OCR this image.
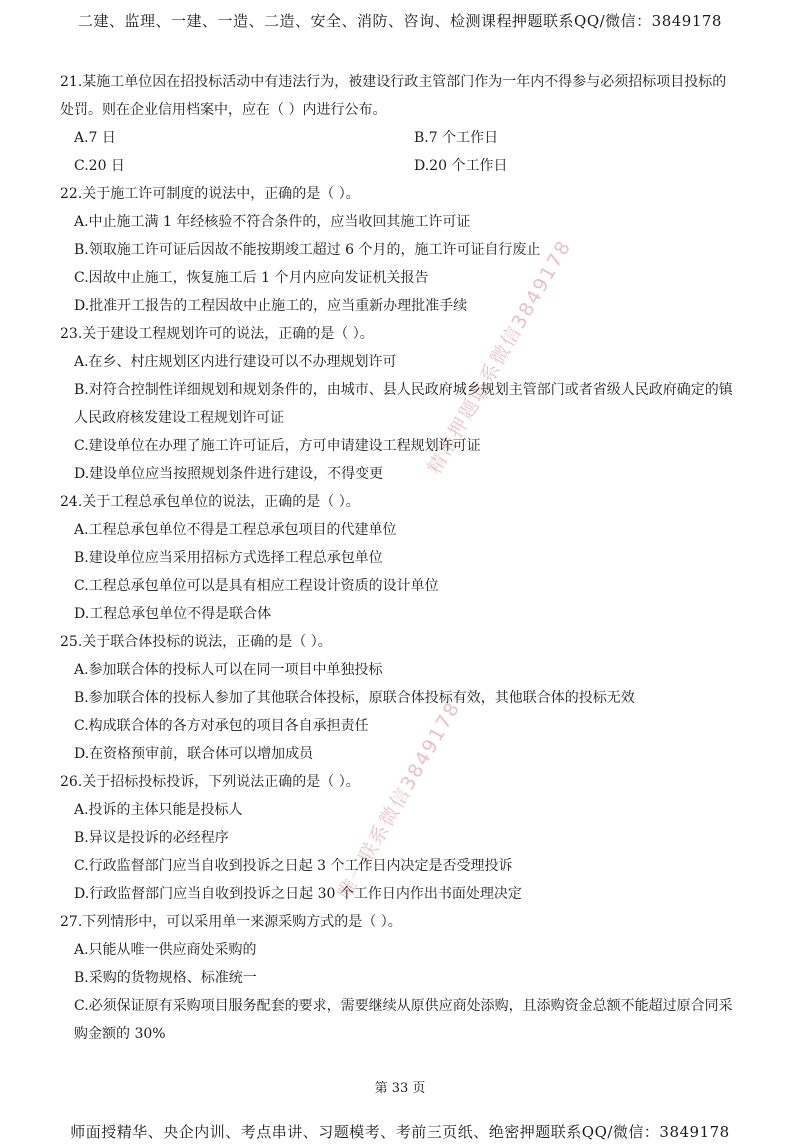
二建、监理、一建、一造、二造、安全、消防、咨询、检测课程押题联系QQ/微信：3849178
精准押题联系微信3849178
唯一联系微信3849178

21.某施工单位因在招投标活动中有违法行为，被建设行政主管部门作为一年内不得参与必须招标项目投标的处罚。则在企业信用档案中，应在（ ）内进行公布。

A.7 日	B.7 个工作日

C.20 日	D.20 个工作日

22.关于施工许可制度的说法中，正确的是（ ）。

A.中止施工满 1 年经核验不符合条件的，应当收回其施工许可证

B.领取施工许可证后因故不能按期竣工超过 6 个月的，施工许可证自行废止

C.因故中止施工，恢复施工后 1 个月内应向发证机关报告

D.批准开工报告的工程因故中止施工的，应当重新办理批准手续

23.关于建设工程规划许可的说法，正确的是（ ）。

A.在乡、村庄规划区内进行建设可以不办理规划许可

B.对符合控制性详细规划和规划条件的，由城市、县人民政府城乡规划主管部门或者省级人民政府确定的镇人民政府核发建设工程规划许可证

C.建设单位在办理了施工许可证后，方可申请建设工程规划许可证

D.建设单位应当按照规划条件进行建设，不得变更

24.关于工程总承包单位的说法，正确的是（ ）。

A.工程总承包单位不得是工程总承包项目的代建单位

B.建设单位应当采用招标方式选择工程总承包单位

C.工程总承包单位可以是具有相应工程设计资质的设计单位

D.工程总承包单位不得是联合体

25.关于联合体投标的说法，正确的是（ ）。

A.参加联合体的投标人可以在同一项目中单独投标

B.参加联合体的投标人参加了其他联合体投标，原联合体投标有效，其他联合体的投标无效

C.构成联合体的各方对承包的项目各自承担责任

D.在资格预审前，联合体可以增加成员

26.关于招标投标投诉，下列说法正确的是（ ）。

A.投诉的主体只能是投标人

B.异议是投诉的必经程序

C.行政监督部门应当自收到投诉之日起 3 个工作日内决定是否受理投诉

D.行政监督部门应当自收到投诉之日起 30 个工作日内作出书面处理决定

27.下列情形中，可以采用单一来源采购方式的是（ ）。

A.只能从唯一供应商处采购的

B.采购的货物规格、标准统一

C.必须保证原有采购项目服务配套的要求，需要继续从原供应商处添购，且添购资金总额不能超过原合同采购金额的 30%

第 33 页
师面授精华、央企内训、考点串讲、习题模考、考前三页纸、绝密押题联系QQ/微信：3849178
